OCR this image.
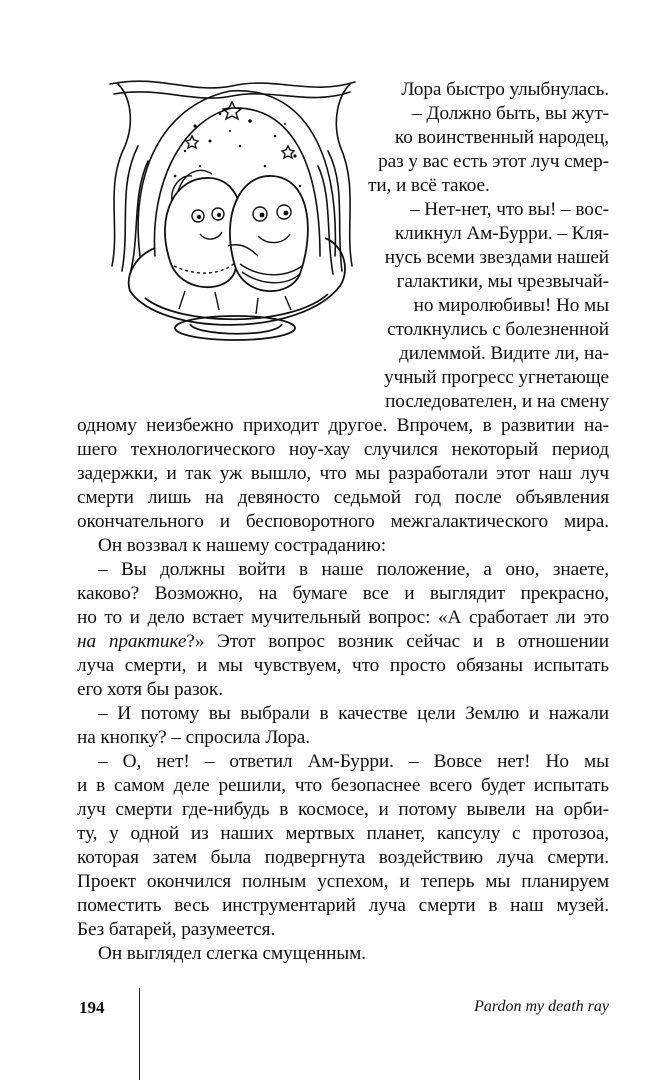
Лора быстро улыбнулась.
– Должно быть, вы жут-
ко воинственный народец,
раз у вас есть этот луч смер-
ти, и всё такое.
– Нет-нет, что вы! – вос-
кликнул Ам-Бурри. – Кля-
нусь всеми звездами нашей
галактики, мы чрезвычай-
но миролюбивы! Но мы
столкнулись с болезненной
дилеммой. Видите ли, на-
учный прогресс угнетающе
последователен, и на смену
одному неизбежно приходит другое. Впрочем, в развитии на-
шего технологического ноу-хау случился некоторый период
задержки, и так уж вышло, что мы разработали этот наш луч
смерти лишь на девяносто седьмой год после объявления
окончательного и бесповоротного межгалактического мира.
Он воззвал к нашему состраданию:
– Вы должны войти в наше положение, а оно, знаете,
каково? Возможно, на бумаге все и выглядит прекрасно,
но то и дело встает мучительный вопрос: «А сработает ли это
на практике?» Этот вопрос возник сейчас и в отношении
луча смерти, и мы чувствуем, что просто обязаны испытать
его хотя бы разок.
– И потому вы выбрали в качестве цели Землю и нажали
на кнопку? – спросила Лора.
– О, нет! – ответил Ам-Бурри. – Вовсе нет! Но мы
и в самом деле решили, что безопаснее всего будет испытать
луч смерти где-нибудь в космосе, и потому вывели на орби-
ту, у одной из наших мертвых планет, капсулу с протозоа,
которая затем была подвергнута воздействию луча смерти.
Проект окончился полным успехом, и теперь мы планируем
поместить весь инструментарий луча смерти в наш музей.
Без батарей, разумеется.
Он выглядел слегка смущенным.
194	Pardon my death ray
